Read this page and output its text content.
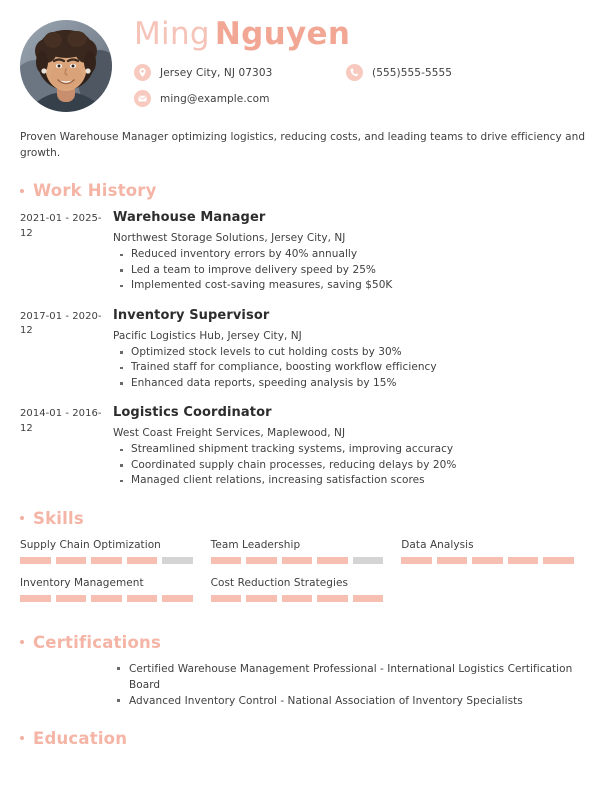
Ming Nguyen
Jersey City, NJ 07303	(555)555-5555
ming@example.com
Proven Warehouse Manager optimizing logistics, reducing costs, and leading teams to drive efficiency and growth.
Work History
2021-01 - 2025-12
Warehouse Manager
Northwest Storage Solutions, Jersey City, NJ
Reduced inventory errors by 40% annually
Led a team to improve delivery speed by 25%
Implemented cost-saving measures, saving $50K
2017-01 - 2020-12
Inventory Supervisor
Pacific Logistics Hub, Jersey City, NJ
Optimized stock levels to cut holding costs by 30%
Trained staff for compliance, boosting workflow efficiency
Enhanced data reports, speeding analysis by 15%
2014-01 - 2016-12
Logistics Coordinator
West Coast Freight Services, Maplewood, NJ
Streamlined shipment tracking systems, improving accuracy
Coordinated supply chain processes, reducing delays by 20%
Managed client relations, increasing satisfaction scores
Skills
Supply Chain Optimization	Team Leadership	Data Analysis
Inventory Management	Cost Reduction Strategies
Certifications
Certified Warehouse Management Professional - International Logistics Certification Board
Advanced Inventory Control - National Association of Inventory Specialists
Education
